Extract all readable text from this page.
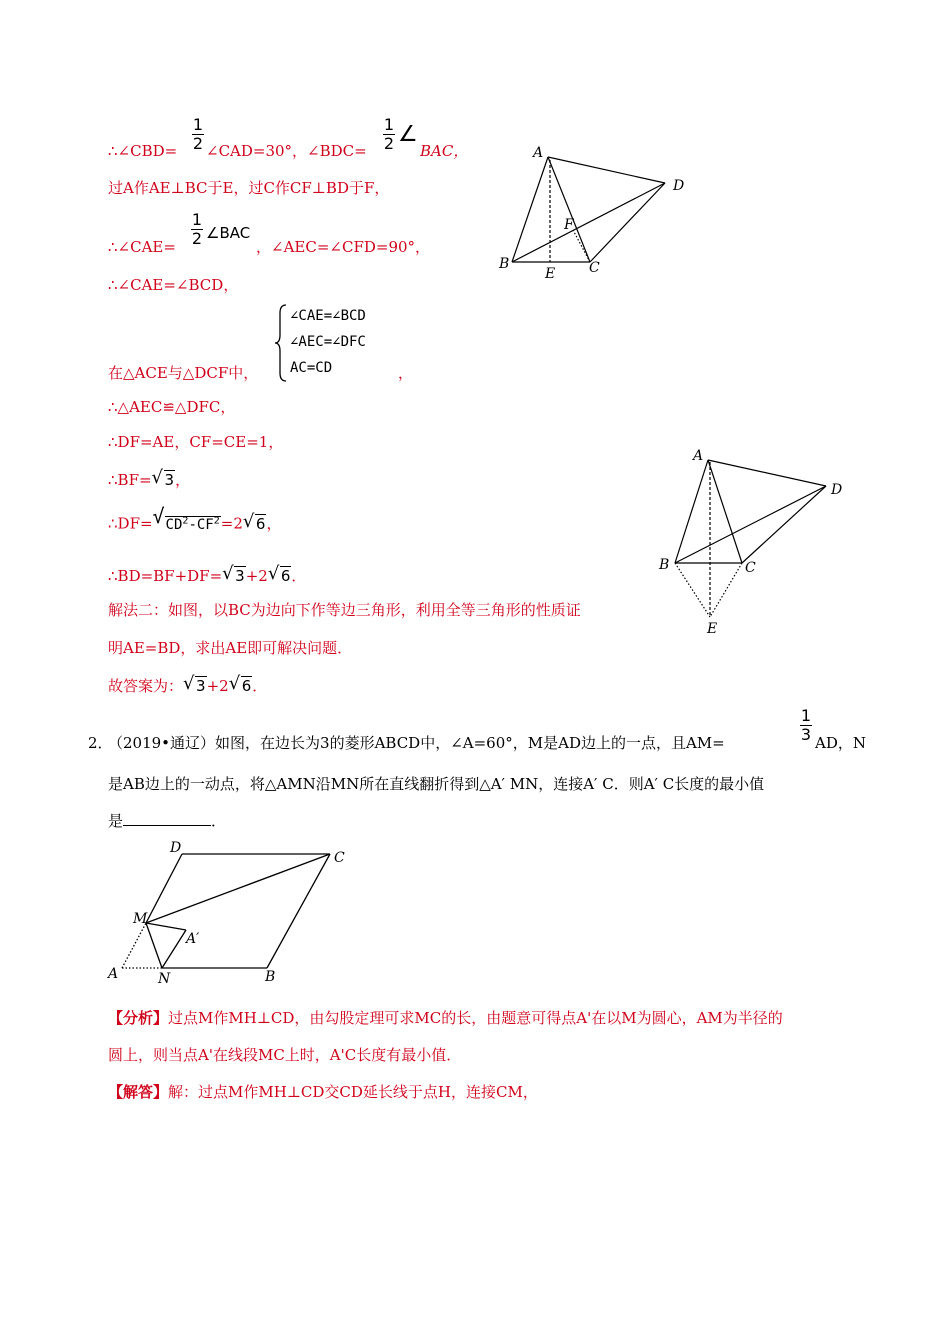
∴∠CBD=
1
2 ∠CAD=30°，∠BDC=
1
2 ∠
BAC，
过A作AE⊥BC于E，过C作CF⊥BD于F，
∴∠CAE=
1
2 ∠BAC
，∠AEC=∠CFD=90°，
∴∠CAE=∠BCD，
∠CAE=∠BCD
∠AEC=∠DFC
AC=CD
在△ACE与△DCF中，	，
∴△AEC≌△DFC，
∴DF=AE，CF=CE=1，
∴BF= √ 3，
∴DF= √ $CD^2-CF^2=2$ √ 6，
∴BD=BF+DF= √ 3+2 √ 6．
解法二：如图，以BC为边向下作等边三角形，利用全等三角形的性质证
明AE=BD，求出AE即可解决问题．
故答案为： √ 3+2 √ 6．
A
B	C
D
E
F
A
B	C
D
E
2．
（2019•通辽）如图，在边长为3的菱形ABCD中，∠A=60°，M是AD边上的一点，且AM=
1
3 AD，N
是AB边上的一动点，将△AMN沿MN所在直线翻折得到△A′ MN，连接A′ C．则A′ C长度的最小值
是	．
D
C
M
A′
A	N	B
【分析】过点M作MH⊥CD，由勾股定理可求MC的长，由题意可得点A'在以M为圆心，AM为半径的
圆上，则当点A'在线段MC上时，A'C长度有最小值．
【解答】解：过点M作MH⊥CD交CD延长线于点H，连接CM，
